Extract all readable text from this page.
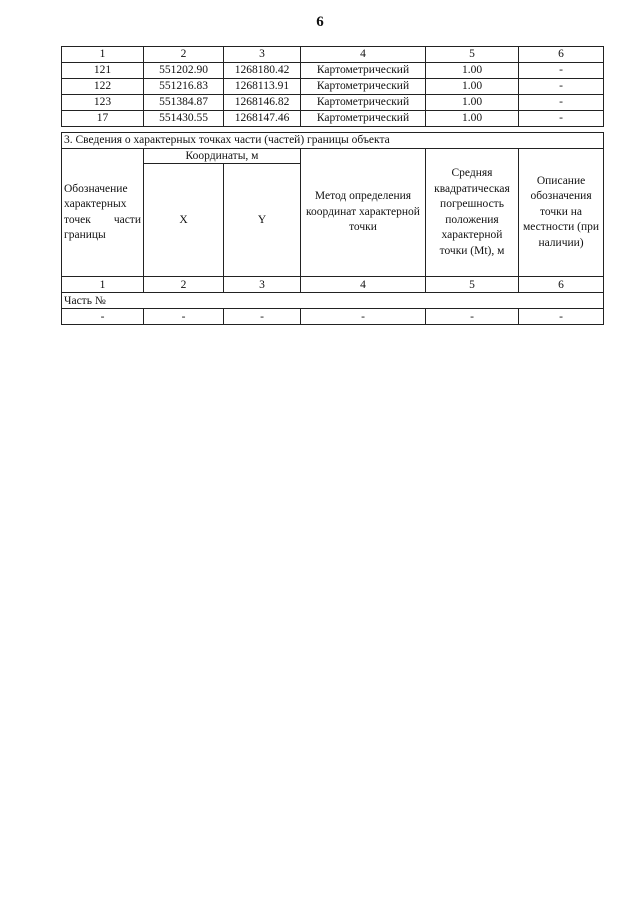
6
1	2	3	4	5	6
121	551202.90	1268180.42	Картометрический	1.00	-
122	551216.83	1268113.91	Картометрический	1.00	-
123	551384.87	1268146.82	Картометрический	1.00	-
17	551430.55	1268147.46	Картометрический	1.00	-
3. Сведения о характерных точках части (частей) границы объекта					
Обозначение характерных точек части границы	Координаты, м		Метод определения координат характерной точки	Средняя квадратическая погрешность положения характерной точки (Mt), м	Описание обозначения точки на местности (при наличии)
	X	Y			
1	2	3	4	5	6
Часть №					
-	-	-	-	-	-
